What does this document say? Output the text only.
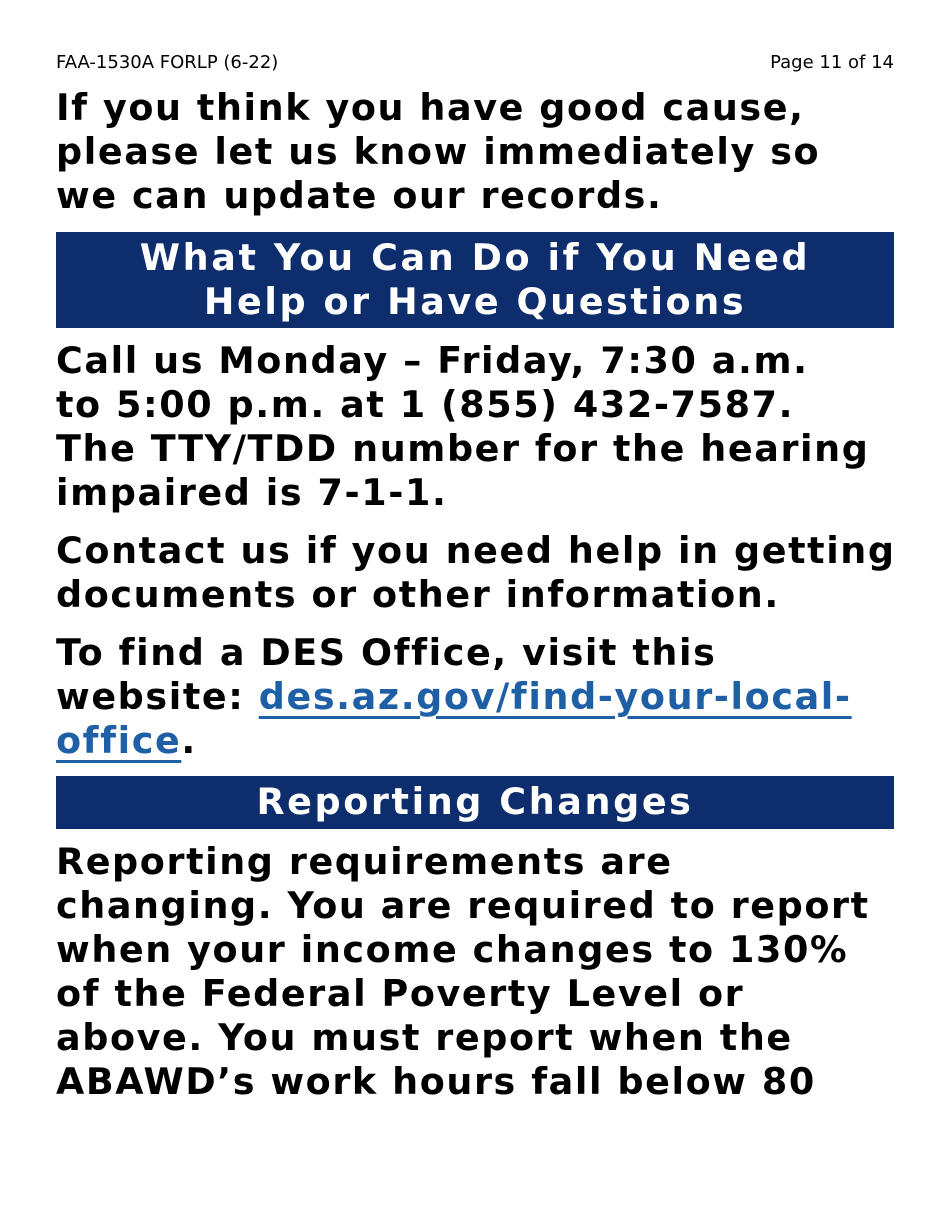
FAA-1530A FORLP (6-22)	Page 11 of 14
If you think you have good cause,
please let us know immediately so
we can update our records.
What You Can Do if You Need
Help or Have Questions
Call us Monday – Friday, 7:30 a.m.
to 5:00 p.m. at 1 (855) 432-7587.
The TTY/TDD number for the hearing
impaired is 7-1-1.
Contact us if you need help in getting
documents or other information.
To find a DES Office, visit this
website: des.az.gov/find-your-local-
office.
Reporting Changes
Reporting requirements are
changing. You are required to report
when your income changes to 130%
of the Federal Poverty Level or
above. You must report when the
ABAWD’s work hours fall below 80
